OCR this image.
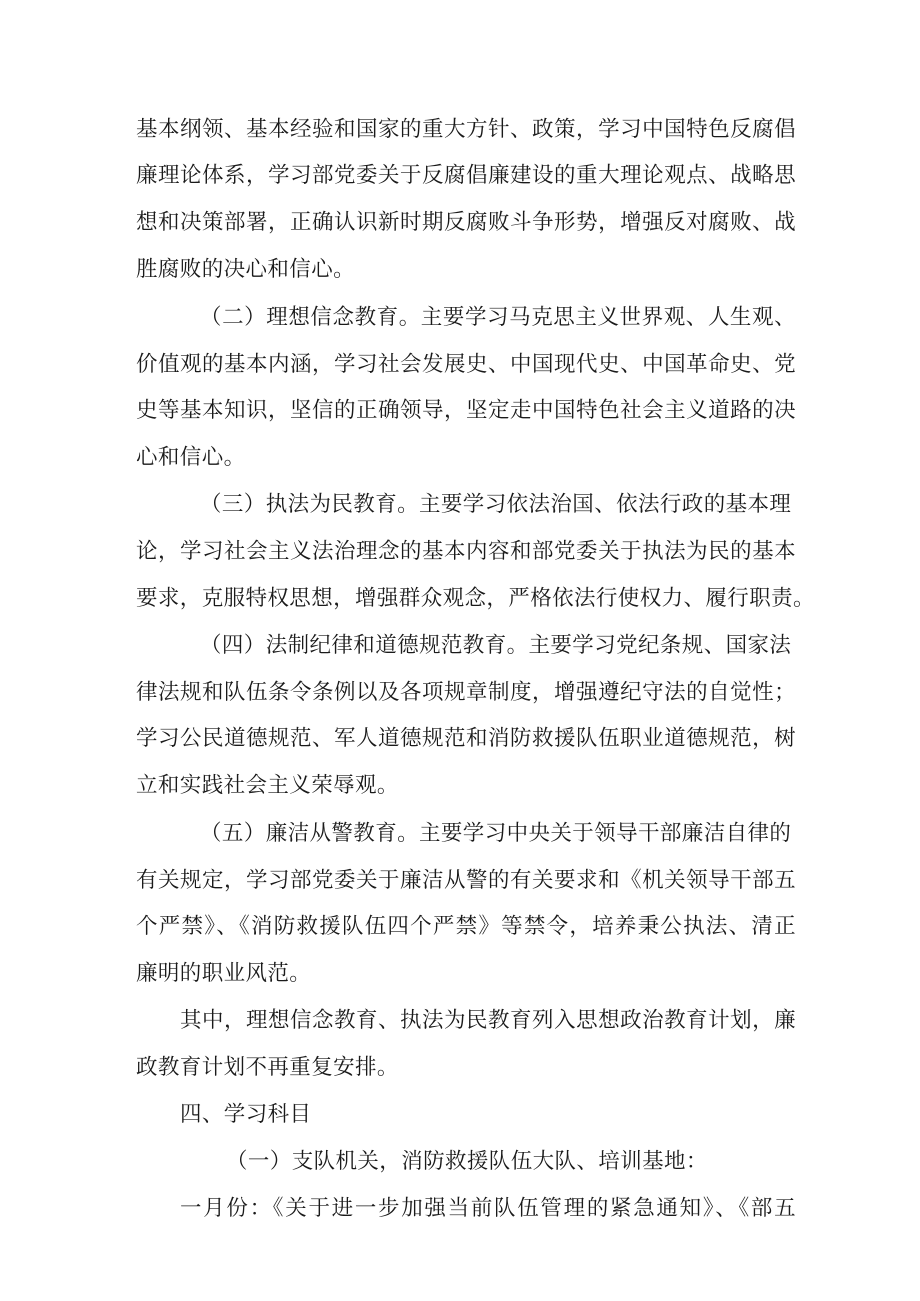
基本纲领、基本经验和国家的重大方针、政策，学习中国特色反腐倡
廉理论体系，学习部党委关于反腐倡廉建设的重大理论观点、战略思
想和决策部署，正确认识新时期反腐败斗争形势，增强反对腐败、战
胜腐败的决心和信心。
（二）理想信念教育。主要学习马克思主义世界观、人生观、
价值观的基本内涵，学习社会发展史、中国现代史、中国革命史、党
史等基本知识，坚信的正确领导，坚定走中国特色社会主义道路的决
心和信心。
（三）执法为民教育。主要学习依法治国、依法行政的基本理
论，学习社会主义法治理念的基本内容和部党委关于执法为民的基本
要求，克服特权思想，增强群众观念，严格依法行使权力、履行职责。
（四）法制纪律和道德规范教育。主要学习党纪条规、国家法
律法规和队伍条令条例以及各项规章制度，增强遵纪守法的自觉性；
学习公民道德规范、军人道德规范和消防救援队伍职业道德规范，树
立和实践社会主义荣辱观。
（五）廉洁从警教育。主要学习中央关于领导干部廉洁自律的
有关规定，学习部党委关于廉洁从警的有关要求和《机关领导干部五
个严禁》、《消防救援队伍四个严禁》等禁令，培养秉公执法、清正
廉明的职业风范。
其中，理想信念教育、执法为民教育列入思想政治教育计划，廉
政教育计划不再重复安排。
四、学习科目
（一）支队机关，消防救援队伍大队、培训基地：
一月份：《关于进一步加强当前队伍管理的紧急通知》、《部五
